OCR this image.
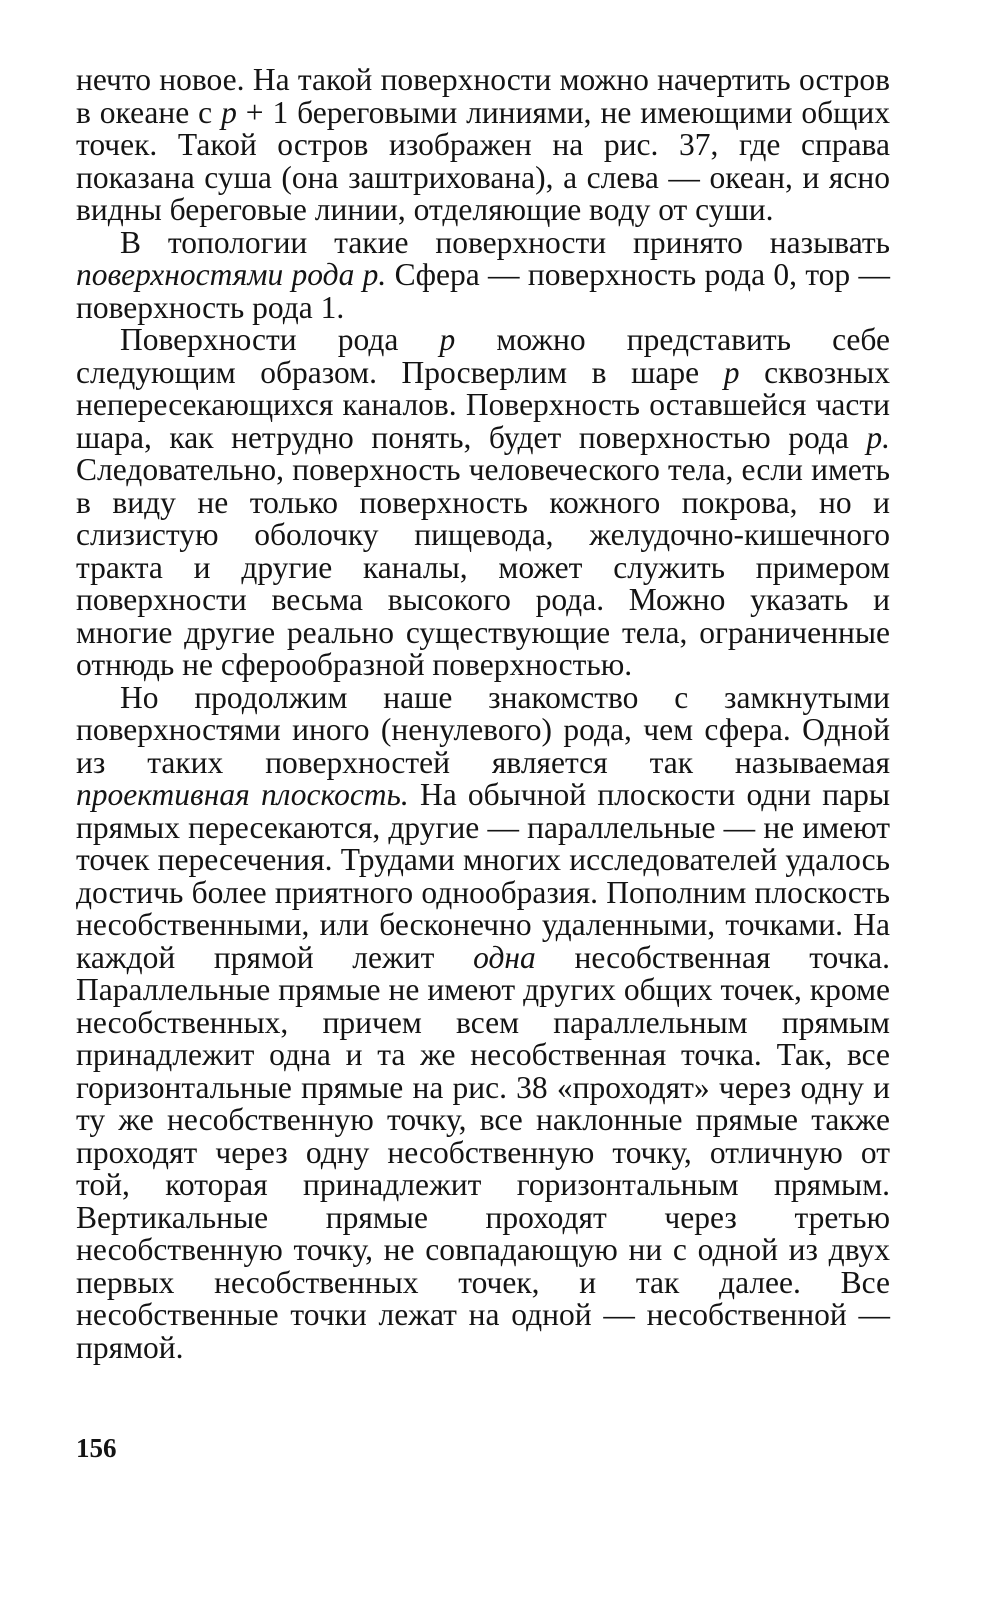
нечто новое. На такой поверхности можно начертить остров в океане с p + 1 береговыми линиями, не имеющими общих точек. Такой остров изображен на рис. 37, где справа показана суша (она заштрихована), а слева — океан, и ясно видны береговые линии, отделяющие воду от суши.

В топологии такие поверхности принято называть поверхностями рода p. Сфера — поверхность рода 0, тор — поверхность рода 1.

Поверхности рода p можно представить себе следующим образом. Просверлим в шаре p сквозных непересекающихся каналов. Поверхность оставшейся части шара, как нетрудно понять, будет поверхностью рода p. Следовательно, поверхность человеческого тела, если иметь в виду не только поверхность кожного покрова, но и слизистую оболочку пищевода, желудочно-кишечного тракта и другие каналы, может служить примером поверхности весьма высокого рода. Можно указать и многие другие реально существующие тела, ограниченные отнюдь не сферообразной поверхностью.

Но продолжим наше знакомство с замкнутыми поверхностями иного (ненулевого) рода, чем сфера. Одной из таких поверхностей является так называемая проективная плоскость. На обычной плоскости одни пары прямых пересекаются, другие — параллельные — не имеют точек пересечения. Трудами многих исследователей удалось достичь более приятного однообразия. Пополним плоскость несобственными, или бесконечно удаленными, точками. На каждой прямой лежит одна несобственная точка. Параллельные прямые не имеют других общих точек, кроме несобственных, причем всем параллельным прямым принадлежит одна и та же несобственная точка. Так, все горизонтальные прямые на рис. 38 «проходят» через одну и ту же несобственную точку, все наклонные прямые также проходят через одну несобственную точку, отличную от той, которая принадлежит горизонтальным прямым. Вертикальные прямые проходят через третью несобственную точку, не совпадающую ни с одной из двух первых несобственных точек, и так далее. Все несобственные точки лежат на одной — несобственной — прямой.

156
